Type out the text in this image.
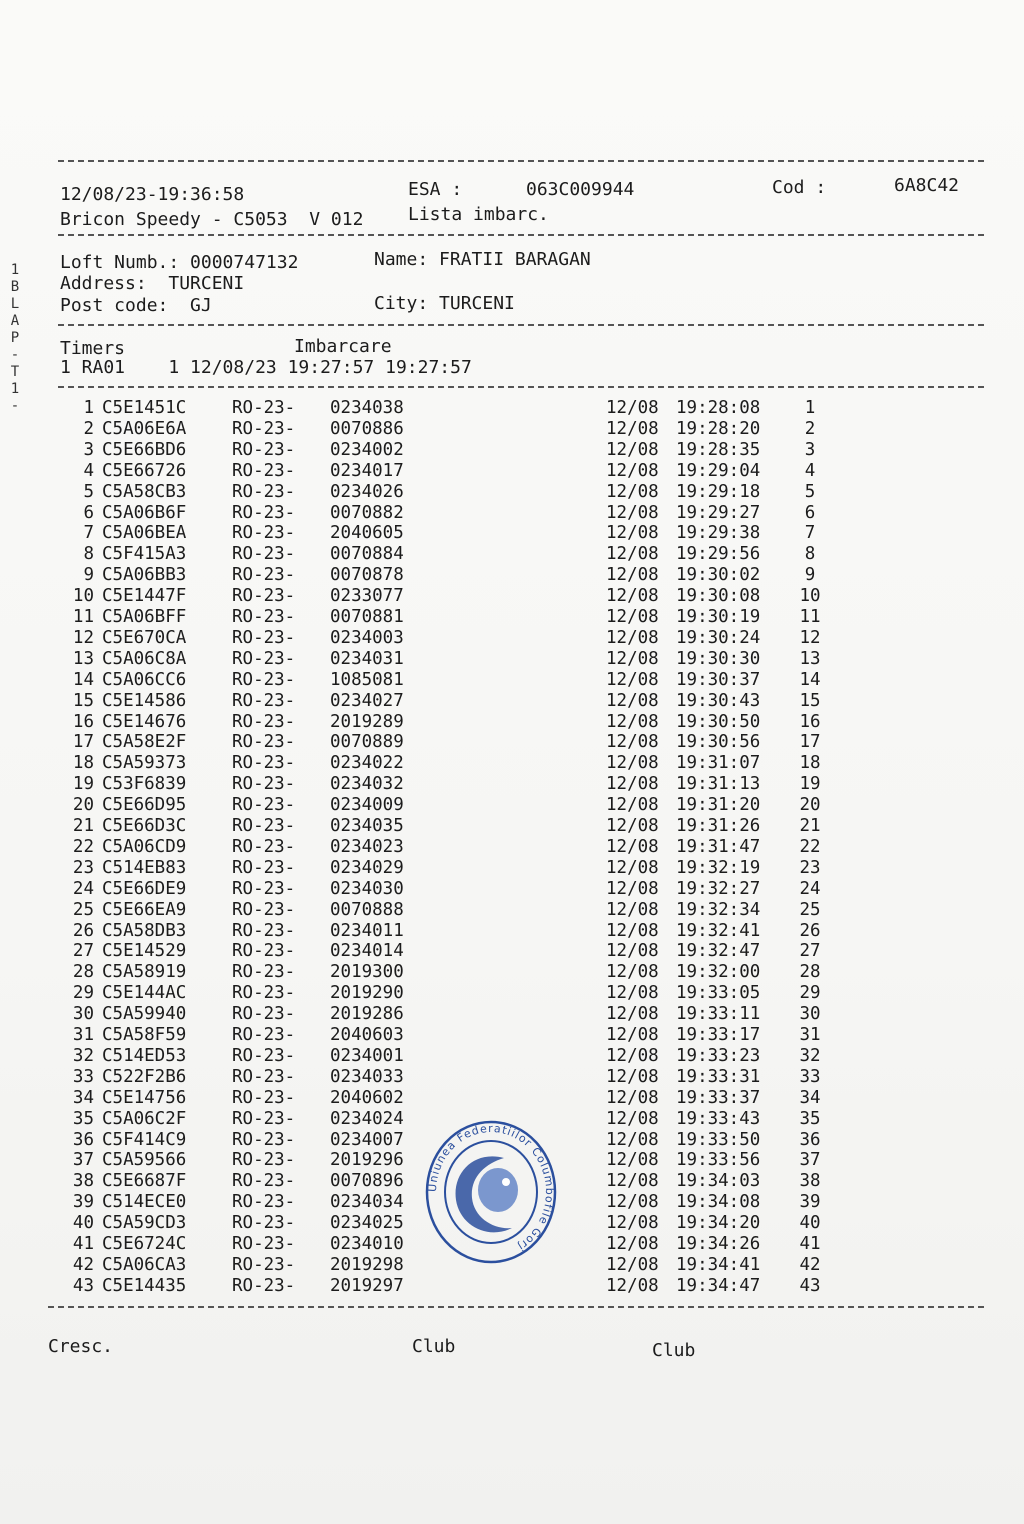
1
B
L
A
P
-
T
1
-
12/08/23-19:36:58	ESA :	063C009944	Cod :	6A8C42
Bricon Speedy - C5053  V 012 Lista imbarc.
Loft Numb.: 0000747132	Name: FRATII BARAGAN
Address:  TURCENI
Post code:  GJ	City: TURCENI
Timers	Imbarcare
1 RA01    1 12/08/23 19:27:57 19:27:57
1 C5E1451C	RO-23- 0234038	12/08 19:28:08	1
2 C5A06E6A	RO-23- 0070886	12/08 19:28:20	2
3 C5E66BD6	RO-23- 0234002	12/08 19:28:35	3
4 C5E66726	RO-23- 0234017	12/08 19:29:04	4
5 C5A58CB3	RO-23- 0234026	12/08 19:29:18	5
6 C5A06B6F	RO-23- 0070882	12/08 19:29:27	6
7 C5A06BEA	RO-23- 2040605	12/08 19:29:38	7
8 C5F415A3	RO-23- 0070884	12/08 19:29:56	8
9 C5A06BB3	RO-23- 0070878	12/08 19:30:02	9
10 C5E1447F	RO-23- 0233077	12/08 19:30:08 10
11 C5A06BFF	RO-23- 0070881	12/08 19:30:19 11
12 C5E670CA	RO-23- 0234003	12/08 19:30:24 12
13 C5A06C8A	RO-23- 0234031	12/08 19:30:30 13
14 C5A06CC6	RO-23- 1085081	12/08 19:30:37 14
15 C5E14586	RO-23- 0234027	12/08 19:30:43 15
16 C5E14676	RO-23- 2019289	12/08 19:30:50 16
17 C5A58E2F	RO-23- 0070889	12/08 19:30:56 17
18 C5A59373	RO-23- 0234022	12/08 19:31:07 18
19 C53F6839	RO-23- 0234032	12/08 19:31:13 19
20 C5E66D95	RO-23- 0234009	12/08 19:31:20 20
21 C5E66D3C	RO-23- 0234035	12/08 19:31:26 21
22 C5A06CD9	RO-23- 0234023	12/08 19:31:47 22
23 C514EB83	RO-23- 0234029	12/08 19:32:19 23
24 C5E66DE9	RO-23- 0234030	12/08 19:32:27 24
25 C5E66EA9	RO-23- 0070888	12/08 19:32:34 25
26 C5A58DB3	RO-23- 0234011	12/08 19:32:41 26
27 C5E14529	RO-23- 0234014	12/08 19:32:47 27
28 C5A58919	RO-23- 2019300	12/08 19:32:00 28
29 C5E144AC	RO-23- 2019290	12/08 19:33:05 29
30 C5A59940	RO-23- 2019286	12/08 19:33:11 30
31 C5A58F59	RO-23- 2040603	12/08 19:33:17 31
32 C514ED53	RO-23- 0234001	12/08 19:33:23 32
33 C522F2B6	RO-23- 0234033	12/08 19:33:31 33
34 C5E14756	RO-23- 2040602	12/08 19:33:37 34
35 C5A06C2F	RO-23- 0234024	12/08 19:33:43 35
36 C5F414C9	RO-23- 0234007	12/08 19:33:50 36
37 C5A59566	RO-23- 2019296	12/08 19:33:56 37
38 C5E6687F	RO-23- 0070896	12/08 19:34:03 38
39 C514ECE0	RO-23- 0234034	12/08 19:34:08 39
40 C5A59CD3	RO-23- 0234025	12/08 19:34:20 40
41 C5E6724C	RO-23- 0234010	12/08 19:34:26 41
42 C5A06CA3	RO-23- 2019298	12/08 19:34:41 42
43 C5E14435	RO-23- 2019297	12/08 19:34:47 43
Uniunea Federatiilor Columbofile Gorj
Cresc.	Club	Club
